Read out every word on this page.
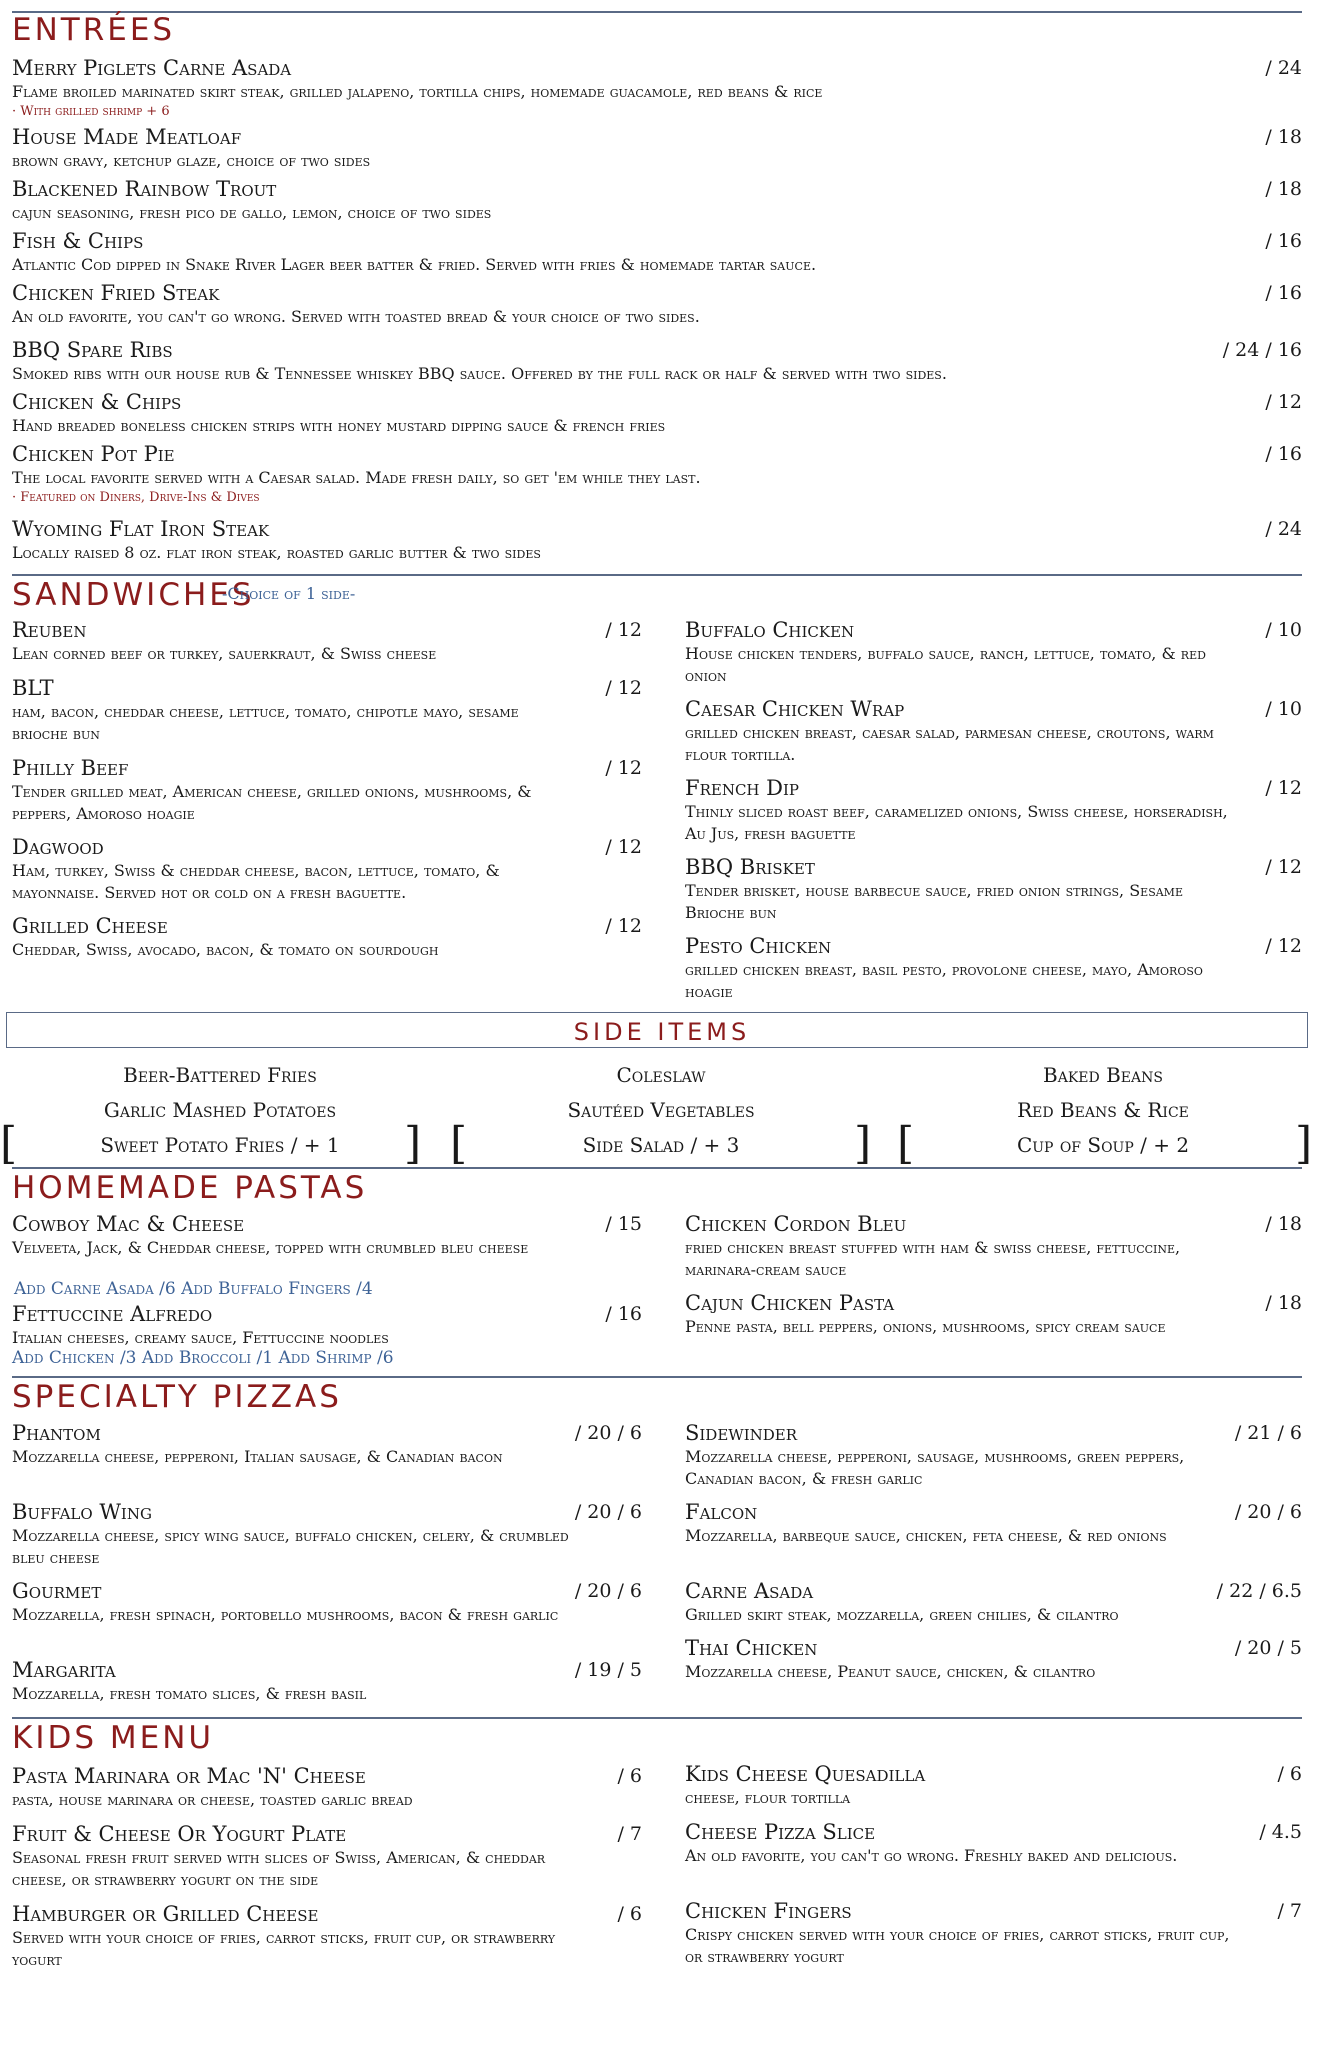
ENTRÉES
Merry Piglets Carne Asada	/ 24
Flame broiled marinated skirt steak, grilled jalapeno, tortilla chips, homemade guacamole, red beans & rice
· With grilled shrimp + 6
House Made Meatloaf	/ 18
brown gravy, ketchup glaze, choice of two sides
Blackened Rainbow Trout	/ 18
cajun seasoning, fresh pico de gallo, lemon, choice of two sides
Fish & Chips	/ 16
Atlantic Cod dipped in Snake River Lager beer batter & fried. Served with fries & homemade tartar sauce.
Chicken Fried Steak	/ 16
An old favorite, you can't go wrong. Served with toasted bread & your choice of two sides.
BBQ Spare Ribs	/ 24 / 16
Smoked ribs with our house rub & Tennessee whiskey BBQ sauce. Offered by the full rack or half & served with two sides.
Chicken & Chips	/ 12
Hand breaded boneless chicken strips with honey mustard dipping sauce & french fries
Chicken Pot Pie	/ 16
The local favorite served with a Caesar salad. Made fresh daily, so get 'em while they last.
· Featured on Diners, Drive-Ins & Dives
Wyoming Flat Iron Steak	/ 24
Locally raised 8 oz. flat iron steak, roasted garlic butter & two sides
SANDWICHES
-Choice of 1 side-
Reuben	/ 12
Lean corned beef or turkey, sauerkraut, & Swiss cheese
BLT	/ 12
ham, bacon, cheddar cheese, lettuce, tomato, chipotle mayo, sesame brioche bun
Philly Beef	/ 12
Tender grilled meat, American cheese, grilled onions, mushrooms, & peppers, Amoroso hoagie
Dagwood	/ 12
Ham, turkey, Swiss & cheddar cheese, bacon, lettuce, tomato, & mayonnaise. Served hot or cold on a fresh baguette.
Grilled Cheese	/ 12
Cheddar, Swiss, avocado, bacon, & tomato on sourdough
Buffalo Chicken	/ 10
House chicken tenders, buffalo sauce, ranch, lettuce, tomato, & red onion
Caesar Chicken Wrap	/ 10
grilled chicken breast, caesar salad, parmesan cheese, croutons, warm flour tortilla.
French Dip	/ 12
Thinly sliced roast beef, caramelized onions, Swiss cheese, horseradish, Au Jus, fresh baguette
BBQ Brisket	/ 12
Tender brisket, house barbecue sauce, fried onion strings, Sesame Brioche bun
Pesto Chicken	/ 12
grilled chicken breast, basil pesto, provolone cheese, mayo, Amoroso hoagie
SIDE ITEMS
Beer-Battered Fries
Garlic Mashed Potatoes
Sweet Potato Fries / + 1
Coleslaw
Sautéed Vegetables
Side Salad / + 3
Baked Beans
Red Beans & Rice
Cup of Soup / + 2
[	] [	] [	]
HOMEMADE PASTAS
Cowboy Mac & Cheese	/ 15
Velveeta, Jack, & Cheddar cheese, topped with crumbled bleu cheese
Add Carne Asada /6 Add Buffalo Fingers /4
Fettuccine Alfredo	/ 16
Italian cheeses, creamy sauce, Fettuccine noodles
Add Chicken /3 Add Broccoli /1 Add Shrimp /6
Chicken Cordon Bleu	/ 18
fried chicken breast stuffed with ham & swiss cheese, fettuccine, marinara-cream sauce
Cajun Chicken Pasta	/ 18
Penne pasta, bell peppers, onions, mushrooms, spicy cream sauce
SPECIALTY PIZZAS
Phantom	/ 20 / 6
Mozzarella cheese, pepperoni, Italian sausage, & Canadian bacon
Buffalo Wing	/ 20 / 6
Mozzarella cheese, spicy wing sauce, buffalo chicken, celery, & crumbled bleu cheese
Gourmet	/ 20 / 6
Mozzarella, fresh spinach, portobello mushrooms, bacon & fresh garlic
Margarita	/ 19 / 5
Mozzarella, fresh tomato slices, & fresh basil
Sidewinder	/ 21 / 6
Mozzarella cheese, pepperoni, sausage, mushrooms, green peppers, Canadian bacon, & fresh garlic
Falcon	/ 20 / 6
Mozzarella, barbeque sauce, chicken, feta cheese, & red onions
Carne Asada	/ 22 / 6.5
Grilled skirt steak, mozzarella, green chilies, & cilantro
Thai Chicken	/ 20 / 5
Mozzarella cheese, Peanut sauce, chicken, & cilantro
KIDS MENU
Pasta Marinara or Mac 'N' Cheese	/ 6
pasta, house marinara or cheese, toasted garlic bread
Fruit & Cheese Or Yogurt Plate	/ 7
Seasonal fresh fruit served with slices of Swiss, American, & cheddar cheese, or strawberry yogurt on the side
Hamburger or Grilled Cheese	/ 6
Served with your choice of fries, carrot sticks, fruit cup, or strawberry yogurt
Kids Cheese Quesadilla	/ 6
cheese, flour tortilla
Cheese Pizza Slice	/ 4.5
An old favorite, you can't go wrong. Freshly baked and delicious.
Chicken Fingers	/ 7
Crispy chicken served with your choice of fries, carrot sticks, fruit cup, or strawberry yogurt
